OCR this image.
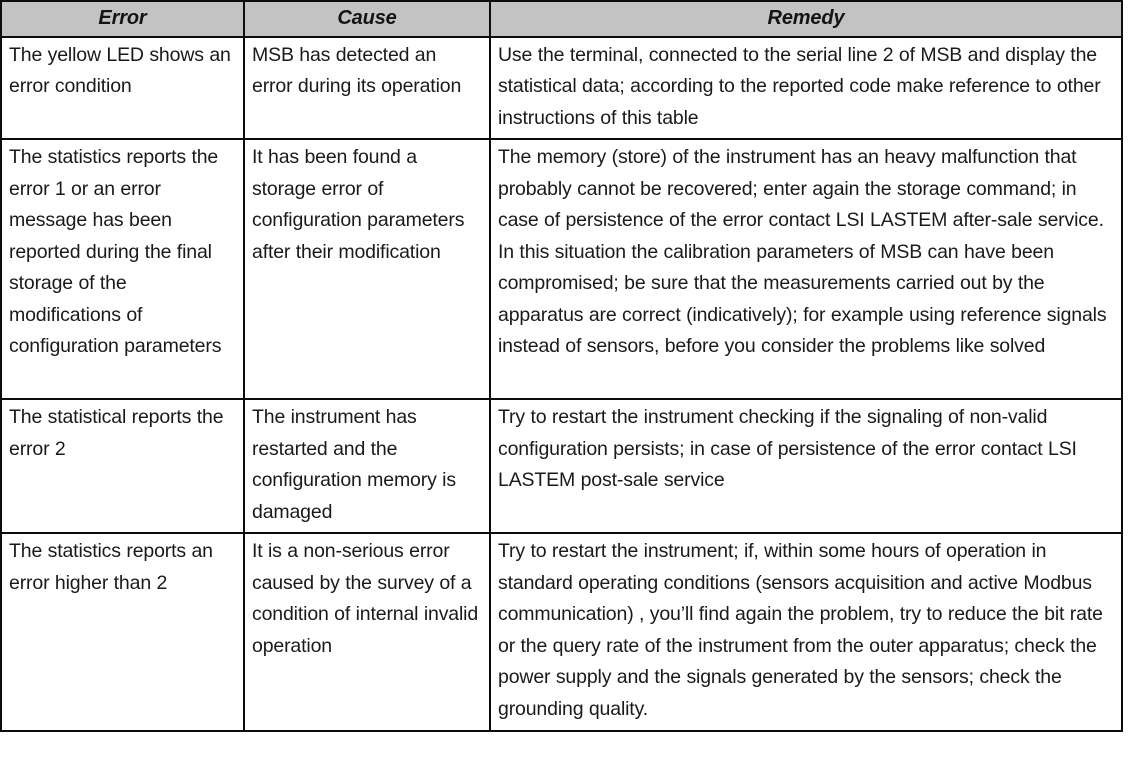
Error	Cause	Remedy

The yellow LED shows an error condition	MSB has detected an error during its operation	Use the terminal, connected to the serial line 2 of MSB and display the statistical data; according to the reported code make reference to other instructions of this table

The statistics reports the error 1 or an error message has been reported during the final storage of the modifications of configuration parameters	It has been found a storage error of configuration parameters after their modification	The memory (store) of the instrument has an heavy malfunction that probably cannot be recovered; enter again the storage command; in case of persistence of the error contact LSI LASTEM after-sale service. In this situation the calibration parameters of MSB can have been compromised; be sure that the measurements carried out by the apparatus are correct (indicatively); for example using reference signals instead of sensors, before you consider the problems like solved

The statistical reports the error 2	The instrument has restarted and the configuration memory is damaged	Try to restart the instrument checking if the signaling of non-valid configuration persists; in case of persistence of the error contact LSI LASTEM post-sale service

The statistics reports an error higher than 2	It is a non-serious error caused by the survey of a condition of internal invalid operation	Try to restart the instrument; if, within some hours of operation in standard operating conditions (sensors acquisition and active Modbus communication) , you’ll find again the problem, try to reduce the bit rate or the query rate of the instrument from the outer apparatus; check the power supply and the signals generated by the sensors; check the grounding quality.
